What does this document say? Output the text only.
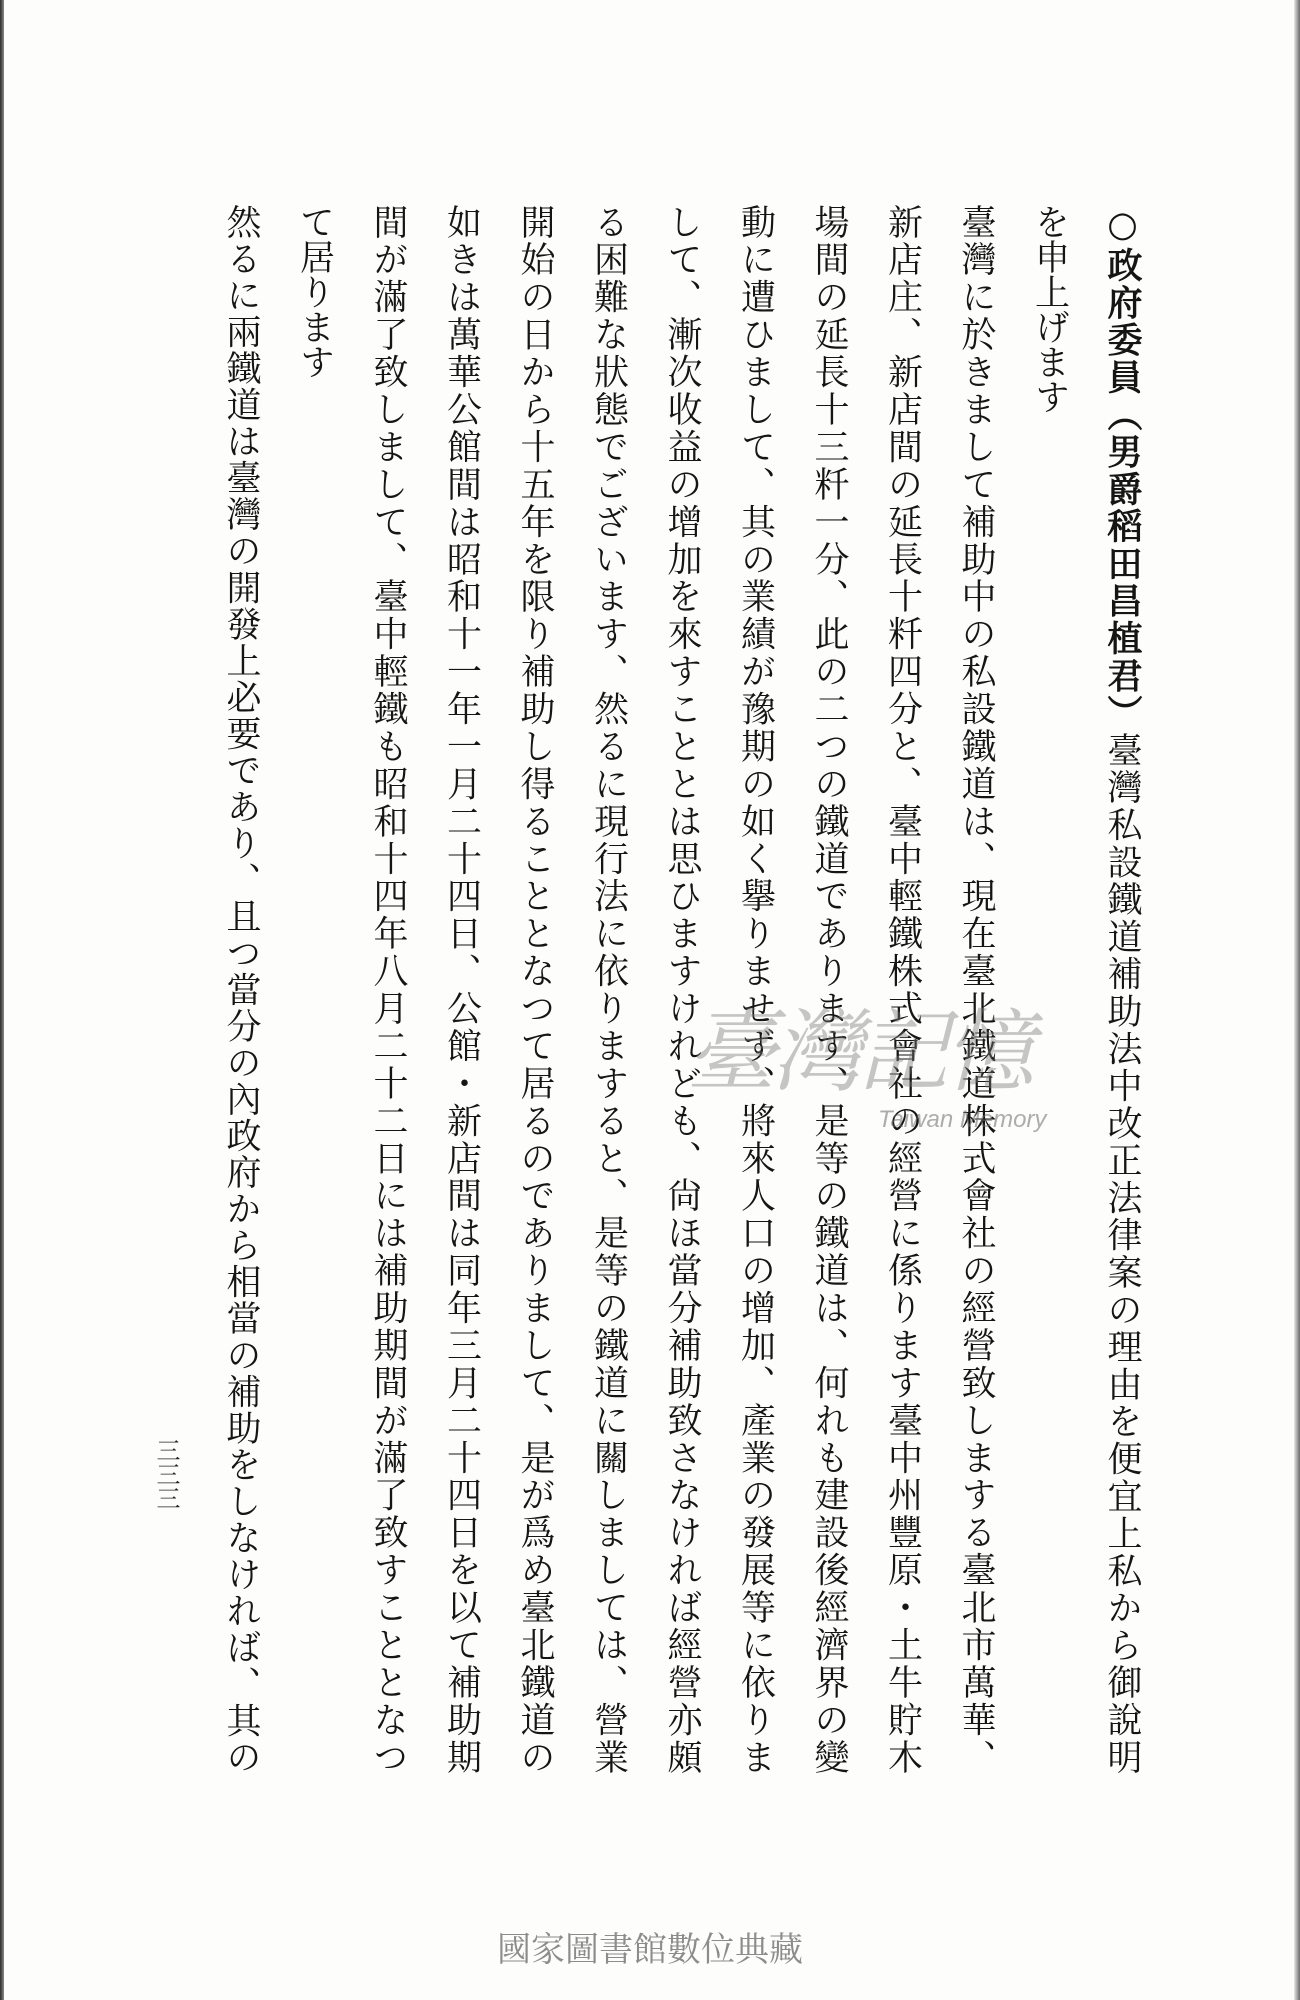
○政府委員（男爵稻田昌植君）臺灣私設鐵道補助法中改正法律案の理由を便宜上私から御說明

を申上げます

臺灣に於きまして補助中の私設鐵道は、現在臺北鐵道株式會社の經營致しまする臺北市萬華、

新店庄、新店間の延長十粁四分と、臺中輕鐵株式會社の經營に係ります臺中州豐原・土牛貯木

場間の延長十三粁一分、此の二つの鐵道であります、是等の鐵道は、何れも建設後經濟界の變

動に遭ひまして、其の業績が豫期の如く擧りませず、將來人口の增加、產業の發展等に依りま

して、漸次收益の增加を來すこととは思ひますけれども、尙ほ當分補助致さなければ經營亦頗

る困難な狀態でございます、然るに現行法に依りますると、是等の鐵道に關しましては、營業

開始の日から十五年を限り補助し得ることとなつて居るのでありまして、是が爲め臺北鐵道の

如きは萬華公館間は昭和十一年一月二十四日、公館・新店間は同年三月二十四日を以て補助期

間が滿了致しまして、臺中輕鐵も昭和十四年八月二十二日には補助期間が滿了致すこととなつ

て居ります

然るに兩鐵道は臺灣の開發上必要であり、且つ當分の內政府から相當の補助をしなければ、其の

三三三
臺灣記憶
Taiwan Memory
國家圖書館數位典藏
